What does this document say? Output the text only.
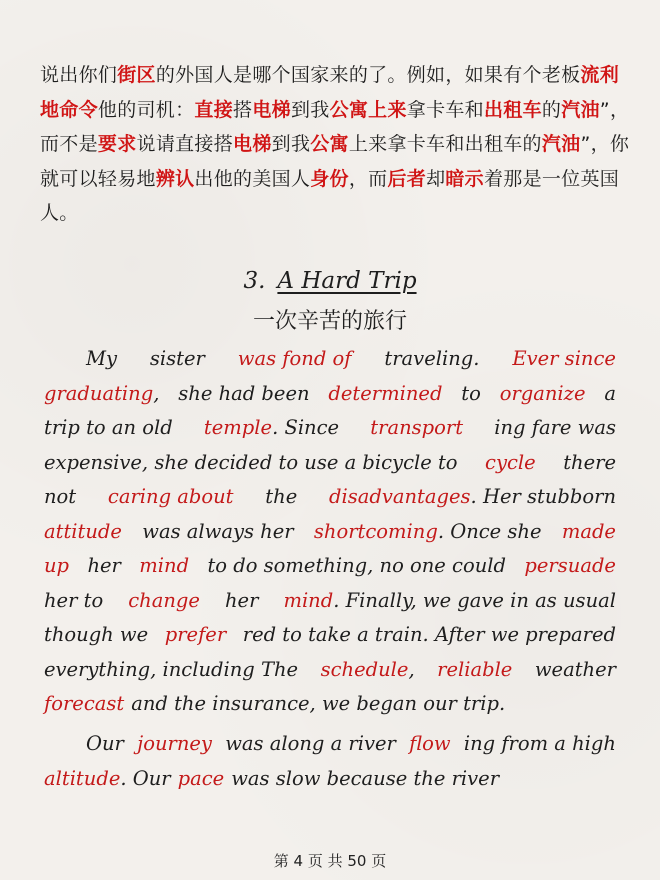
说出你们街区的外国人是哪个国家来的了。例如，如果有个老板流利地命令他的司机：直接搭电梯到我公寓上来拿卡车和出租车的汽油”，而不是要求说请直接搭电梯到我公寓上来拿卡车和出租车的汽油”，你就可以轻易地辨认出他的美国人身份，而后者却暗示着那是一位英国人。
3. A Hard Trip
一次辛苦的旅行
My sister was fond of traveling. Ever since
graduating, she had been determined to organize a
trip to an old temple. Since transport ing fare was
expensive, she decided to use a bicycle to cycle there
not caring about the disadvantages. Her stubborn
attitude was always her shortcoming. Once she made
up her mind to do something, no one could persuade
her to change her mind. Finally, we gave in as usual
though we prefer red to take a train. After we prepared
everything, including The schedule, reliable weather
forecast and the insurance, we began our trip.
Our journey was along a river flow ing from a high
altitude. Our pace was slow because the river
第 4 页 共 50 页
